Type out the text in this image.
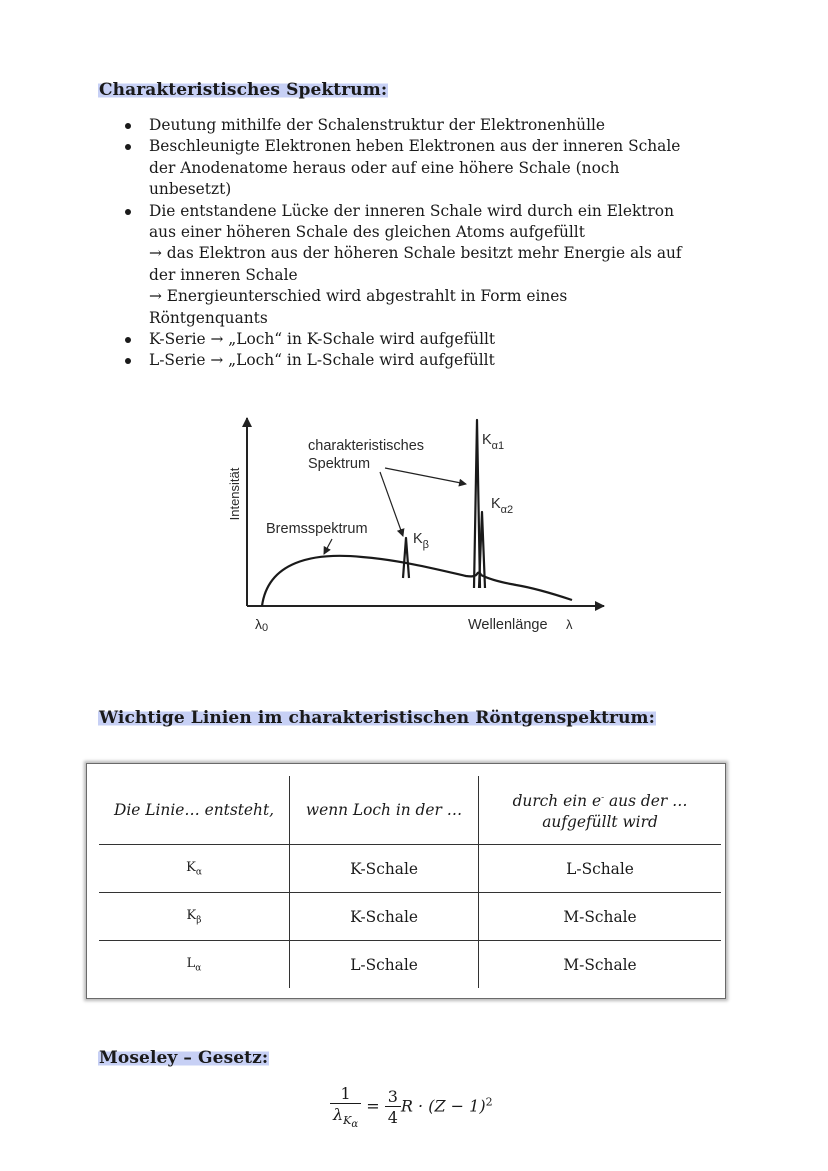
Charakteristisches Spektrum:
Deutung mithilfe der Schalenstruktur der Elektronenhülle
Beschleunigte Elektronen heben Elektronen aus der inneren Schale
der Anodenatome heraus oder auf eine höhere Schale (noch
unbesetzt)
Die entstandene Lücke der inneren Schale wird durch ein Elektron
aus einer höheren Schale des gleichen Atoms aufgefüllt
→ das Elektron aus der höheren Schale besitzt mehr Energie als auf
der inneren Schale
→ Energieunterschied wird abgestrahlt in Form eines
Röntgenquants
K-Serie → „Loch“ in K-Schale wird aufgefüllt
L-Serie → „Loch“ in L-Schale wird aufgefüllt
Intensität
charakteristisches
Spektrum
Bremsspektrum
$K_\beta$
$K_{\alpha 1}$
$K_{\alpha 2}$
λ0	Wellenlänge λ
Wichtige Linien im charakteristischen Röntgenspektrum:
Die Linie… entsteht,	wenn Loch in der …	durch ein e- aus der …
aufgefüllt wird
$K_\alpha$	K-Schale	L-Schale
$K_\beta$	K-Schale	M-Schale
$L_\alpha$	L-Schale	M-Schale
Moseley – Gesetz:
$\frac{1}{\lambda_{K_\alpha}} = \frac{3}{4}$ $R \cdot (Z - 1)^2$
